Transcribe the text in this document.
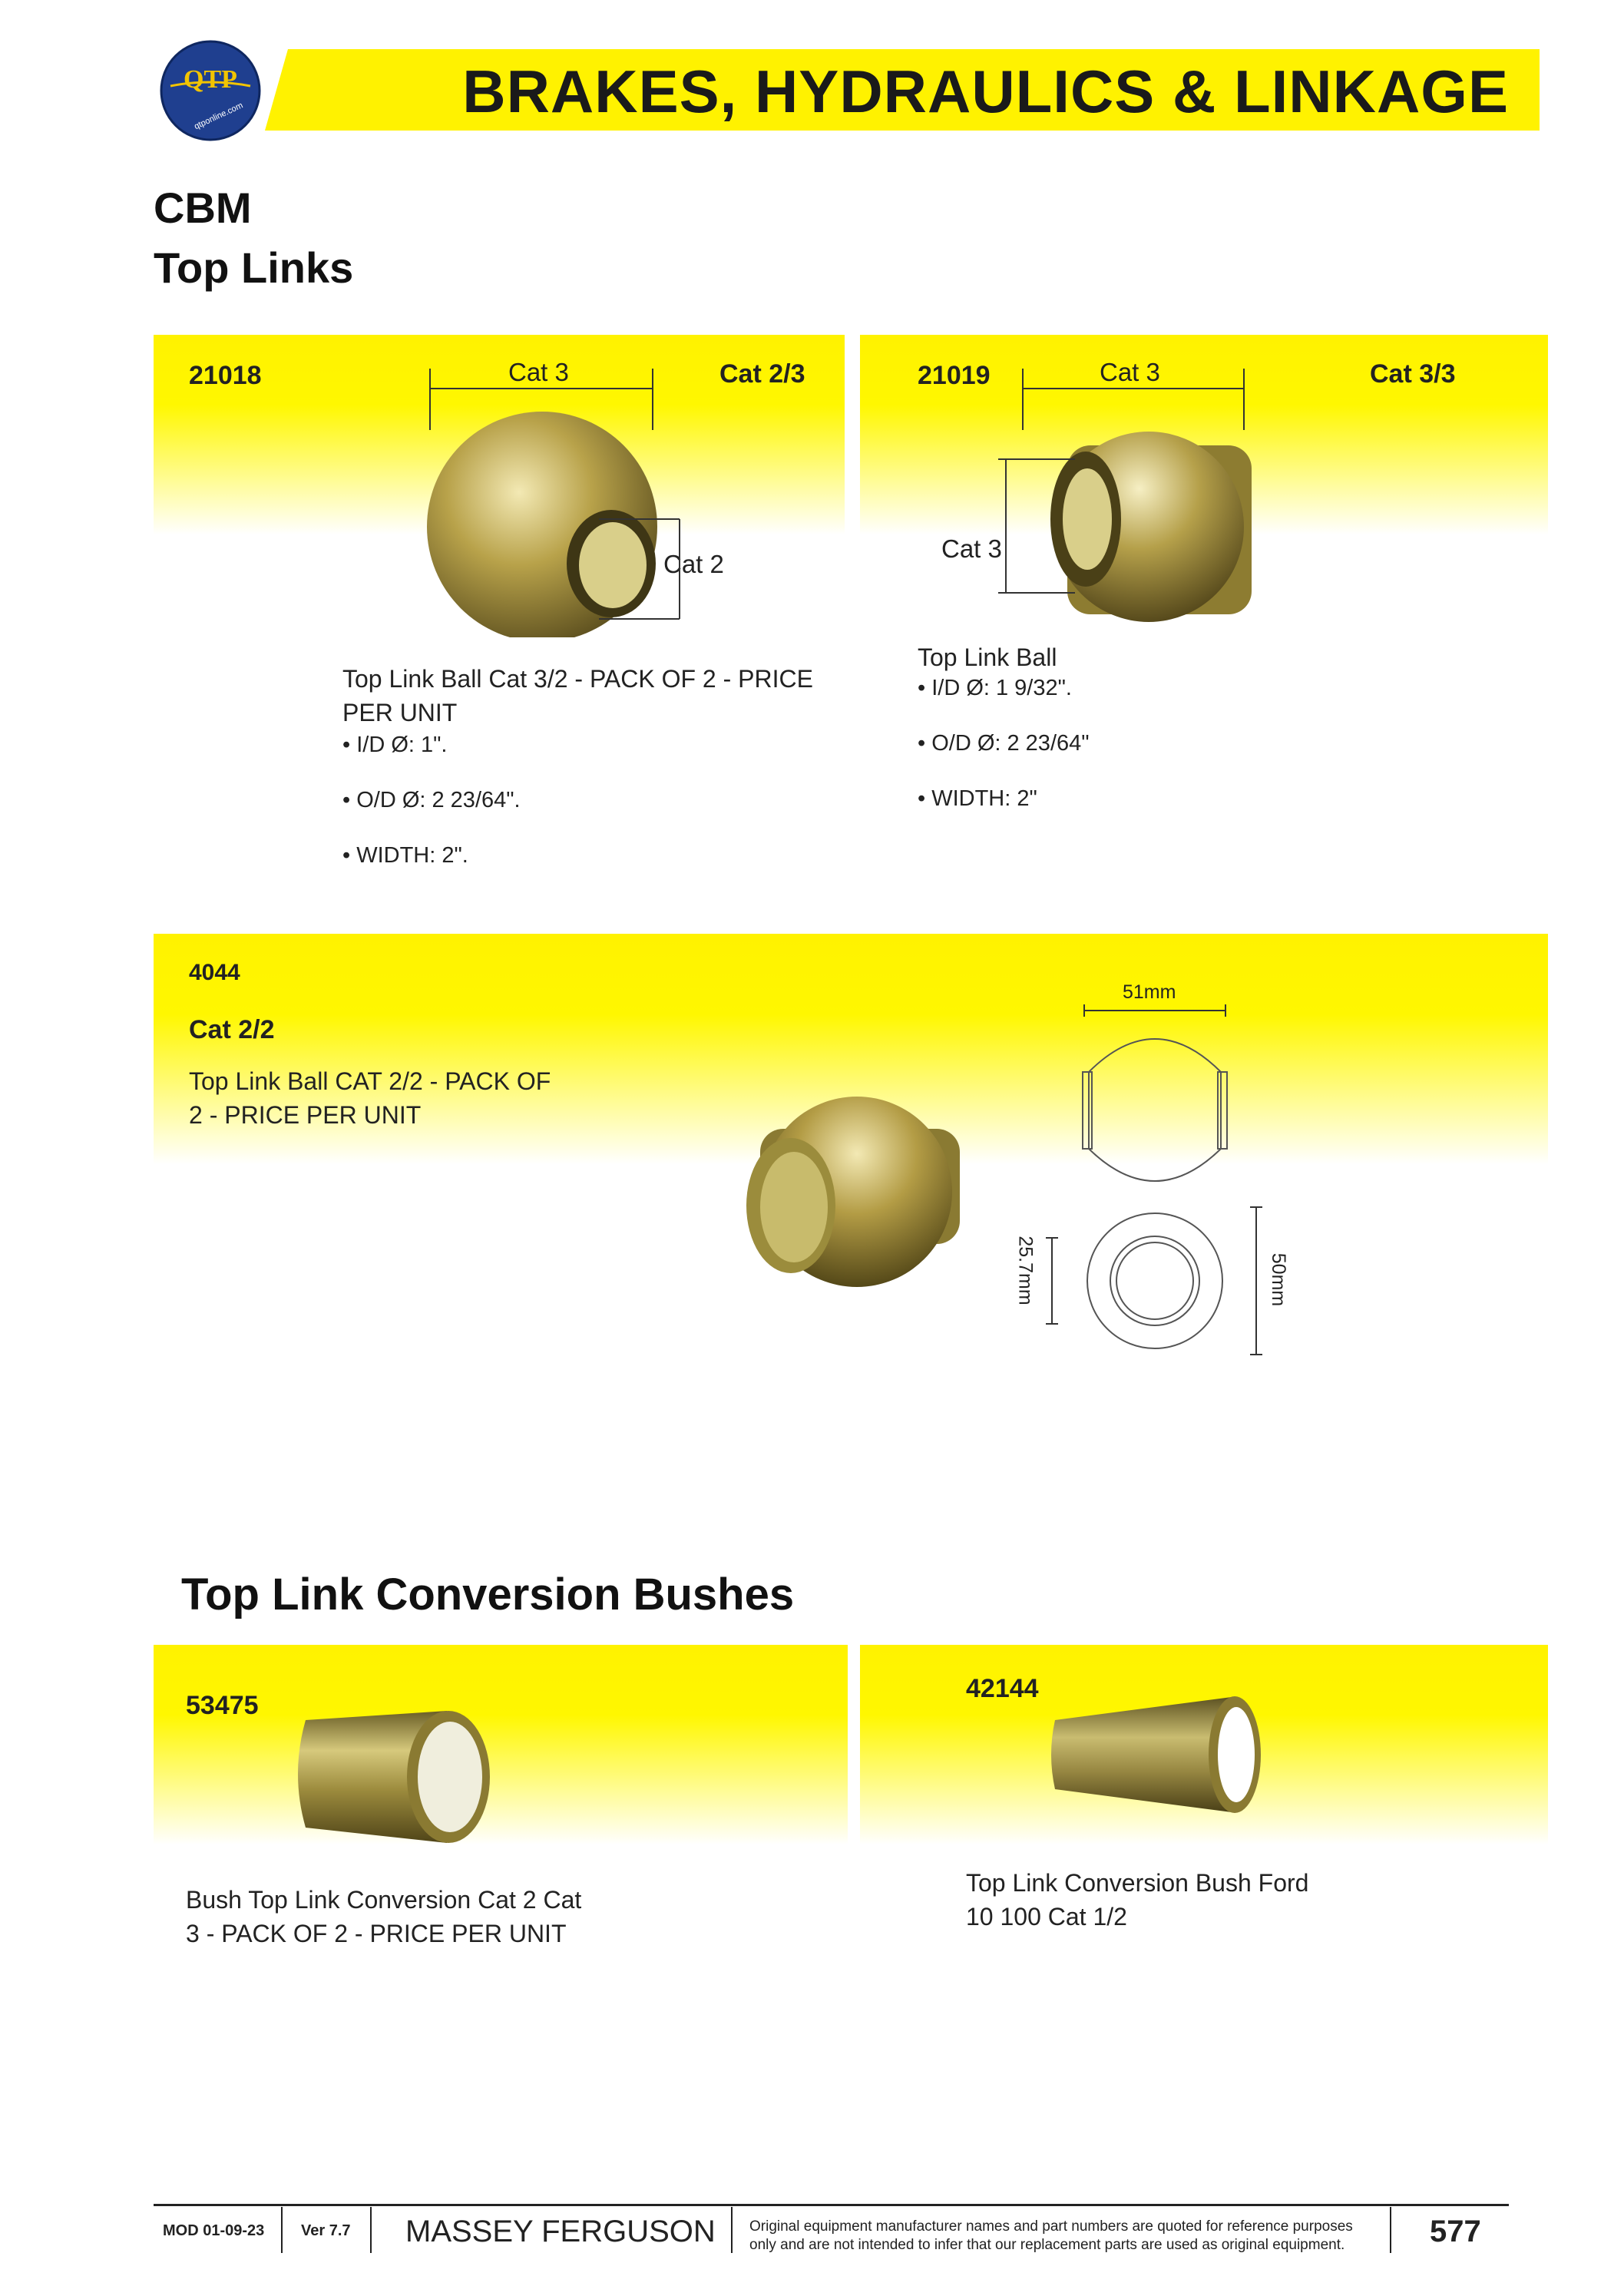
BRAKES, HYDRAULICS & LINKAGE
QTP
qtponline.com
CBM
Top Links
21018	Cat 2/3
Cat 3
Cat 2
Top Link Ball Cat 3/2 - PACK OF 2 - PRICE PER UNIT
• I/D Ø: 1".
• O/D Ø: 2 23/64".
• WIDTH: 2".
21019	Cat 3/3
Cat 3
Cat 3
Top Link Ball
• I/D Ø: 1 9/32".
• O/D Ø: 2 23/64"
• WIDTH: 2"
4044
Cat 2/2
Top Link Ball CAT 2/2 - PACK OF
2 - PRICE PER UNIT
51mm
25.7mm	50mm
Top Link Conversion Bushes
53475
Bush Top Link Conversion Cat 2 Cat
3 - PACK OF 2 - PRICE PER UNIT
42144
Top Link Conversion Bush Ford
10 100 Cat 1/2
MOD 01-09-23 Ver 7.7 MASSEY FERGUSON Original equipment manufacturer names and part numbers are quoted for reference purposes
only and are not intended to infer that our replacement parts are used as original equipment.	577
